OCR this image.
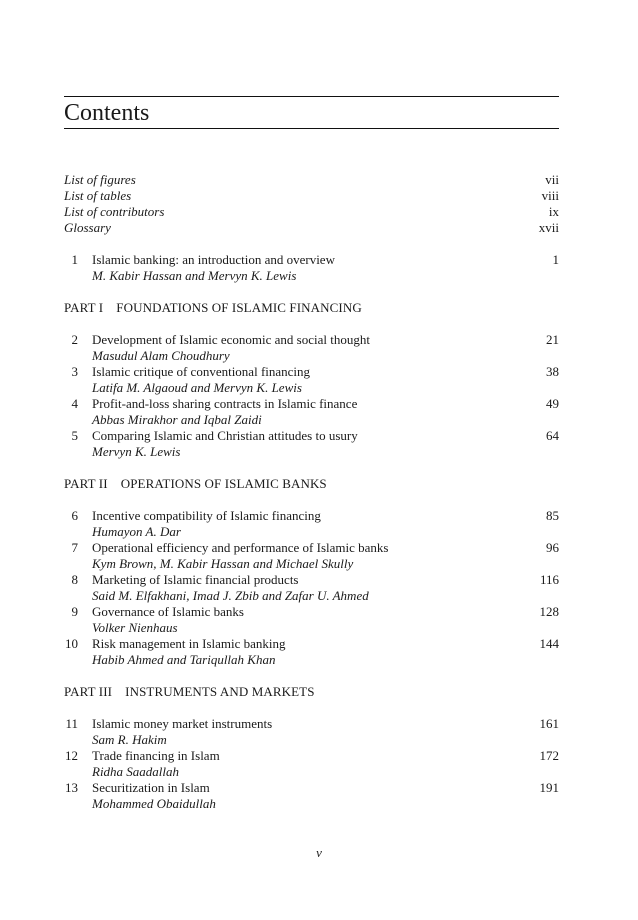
Contents
List of figures	vii
List of tables	viii
List of contributors	ix
Glossary	xvii
1 Islamic banking: an introduction and overview	1
M. Kabir Hassan and Mervyn K. Lewis
PART I FOUNDATIONS OF ISLAMIC FINANCING
2 Development of Islamic economic and social thought	21
Masudul Alam Choudhury
3 Islamic critique of conventional financing	38
Latifa M. Algaoud and Mervyn K. Lewis
4 Profit-and-loss sharing contracts in Islamic finance	49
Abbas Mirakhor and Iqbal Zaidi
5 Comparing Islamic and Christian attitudes to usury	64
Mervyn K. Lewis
PART II OPERATIONS OF ISLAMIC BANKS
6 Incentive compatibility of Islamic financing	85
Humayon A. Dar
7 Operational efficiency and performance of Islamic banks	96
Kym Brown, M. Kabir Hassan and Michael Skully
8 Marketing of Islamic financial products	116
Said M. Elfakhani, Imad J. Zbib and Zafar U. Ahmed
9 Governance of Islamic banks	128
Volker Nienhaus
10 Risk management in Islamic banking	144
Habib Ahmed and Tariqullah Khan
PART III INSTRUMENTS AND MARKETS
11 Islamic money market instruments	161
Sam R. Hakim
12 Trade financing in Islam	172
Ridha Saadallah
13 Securitization in Islam	191
Mohammed Obaidullah
v
